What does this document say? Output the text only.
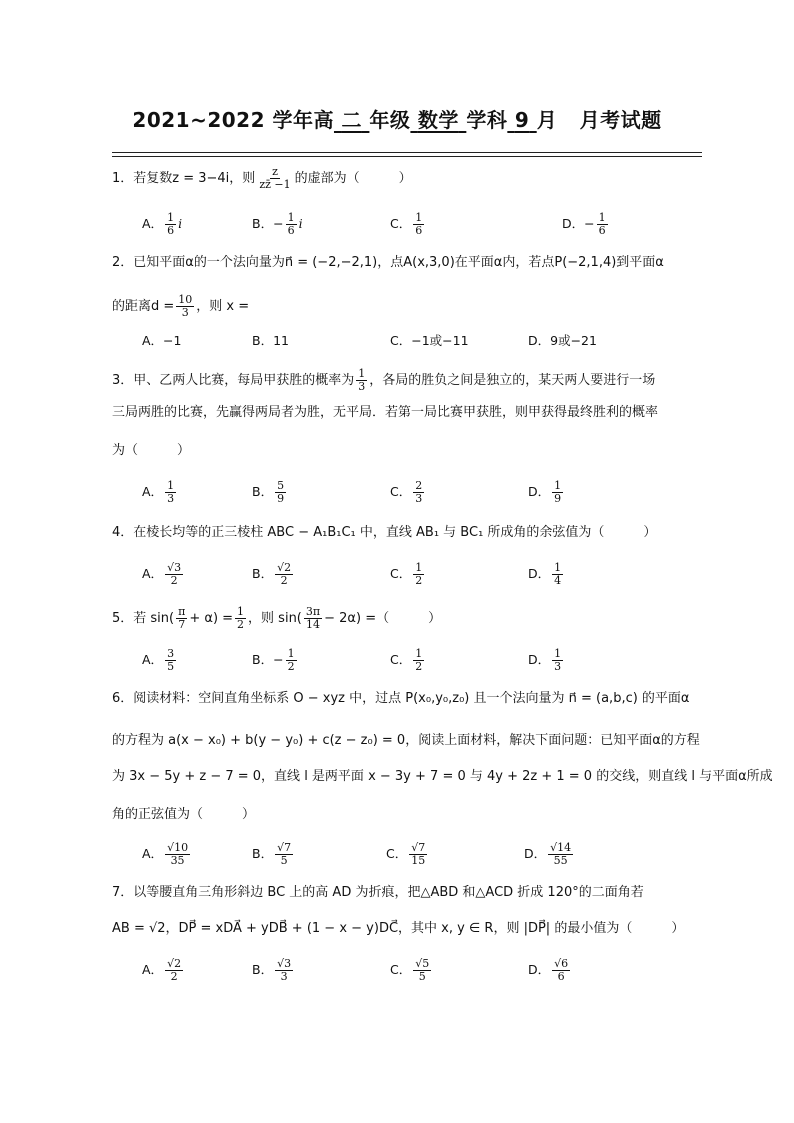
2021~2022 学年高 二 年级 数学 学科 9 月 月考试题
1．若复数z = 3−4i，则 $\frac{z}{zz̄ -1}$ 的虚部为（　　　）
A． $\frac{1}{6}$ i	B．− $\frac{1}{6}$ i	C． $\frac{1}{6}$	D．− $\frac{1}{6}$
2．已知平面α的一个法向量为n⃗ = (−2,−2,1)，点A(x,3,0)在平面α内，若点P(−2,1,4)到平面α
的距离$d = \frac{10}{3}$ ，则 x =
A．−1	B．11	C．−1或−11	D．9或−21
3．甲、乙两人比赛，每局甲获胜的概率为 $\frac{1}{3}$ ，各局的胜负之间是独立的，某天两人要进行一场
三局两胜的比赛，先赢得两局者为胜，无平局．若第一局比赛甲获胜，则甲获得最终胜利的概率
为（　　　）
A． $\frac{1}{3}$	B． $\frac{5}{9}$	C． $\frac{2}{3}$	D． $\frac{1}{9}$
4．在棱长均等的正三棱柱 ABC − A₁B₁C₁ 中，直线 AB₁ 与 BC₁ 所成角的余弦值为（　　　）
A． $\frac{√3}{2}$	B． $\frac{√2}{2}$	C． $\frac{1}{2}$	D． $\frac{1}{4}$
5．若 $\sin( \frac{\pi}{7} + \alpha) = \frac{1}{2}$ ，则 $\sin( \frac{3\pi}{14} - 2\alpha)$ =（　　　）
A． $\frac{3}{5}$	B．− $\frac{1}{2}$	C． $\frac{1}{2}$	D． $\frac{1}{3}$
6．阅读材料：空间直角坐标系 O − xyz 中，过点 P(x₀,y₀,z₀) 且一个法向量为 n⃗ = (a,b,c) 的平面α
的方程为 a(x − x₀) + b(y − y₀) + c(z − z₀) = 0，阅读上面材料，解决下面问题：已知平面α的方程
为 3x − 5y + z − 7 = 0，直线 l 是两平面 x − 3y + 7 = 0 与 4y + 2z + 1 = 0 的交线，则直线 l 与平面α所成
角的正弦值为（　　　）
A． $\frac{√10}{35}$	B． $\frac{√7}{5}$	C． $\frac{√7}{15}$	D． $\frac{√14}{55}$
7．以等腰直角三角形斜边 BC 上的高 AD 为折痕，把△ABD 和△ACD 折成 120°的二面角若
AB = √2，DP⃗ = xDA⃗ + yDB⃗ + (1 − x − y)DC⃗，其中 x, y ∈ R，则 |DP⃗| 的最小值为（　　　）
A． $\frac{√2}{2}$	B． $\frac{√3}{3}$	C． $\frac{√5}{5}$	D． $\frac{√6}{6}$
